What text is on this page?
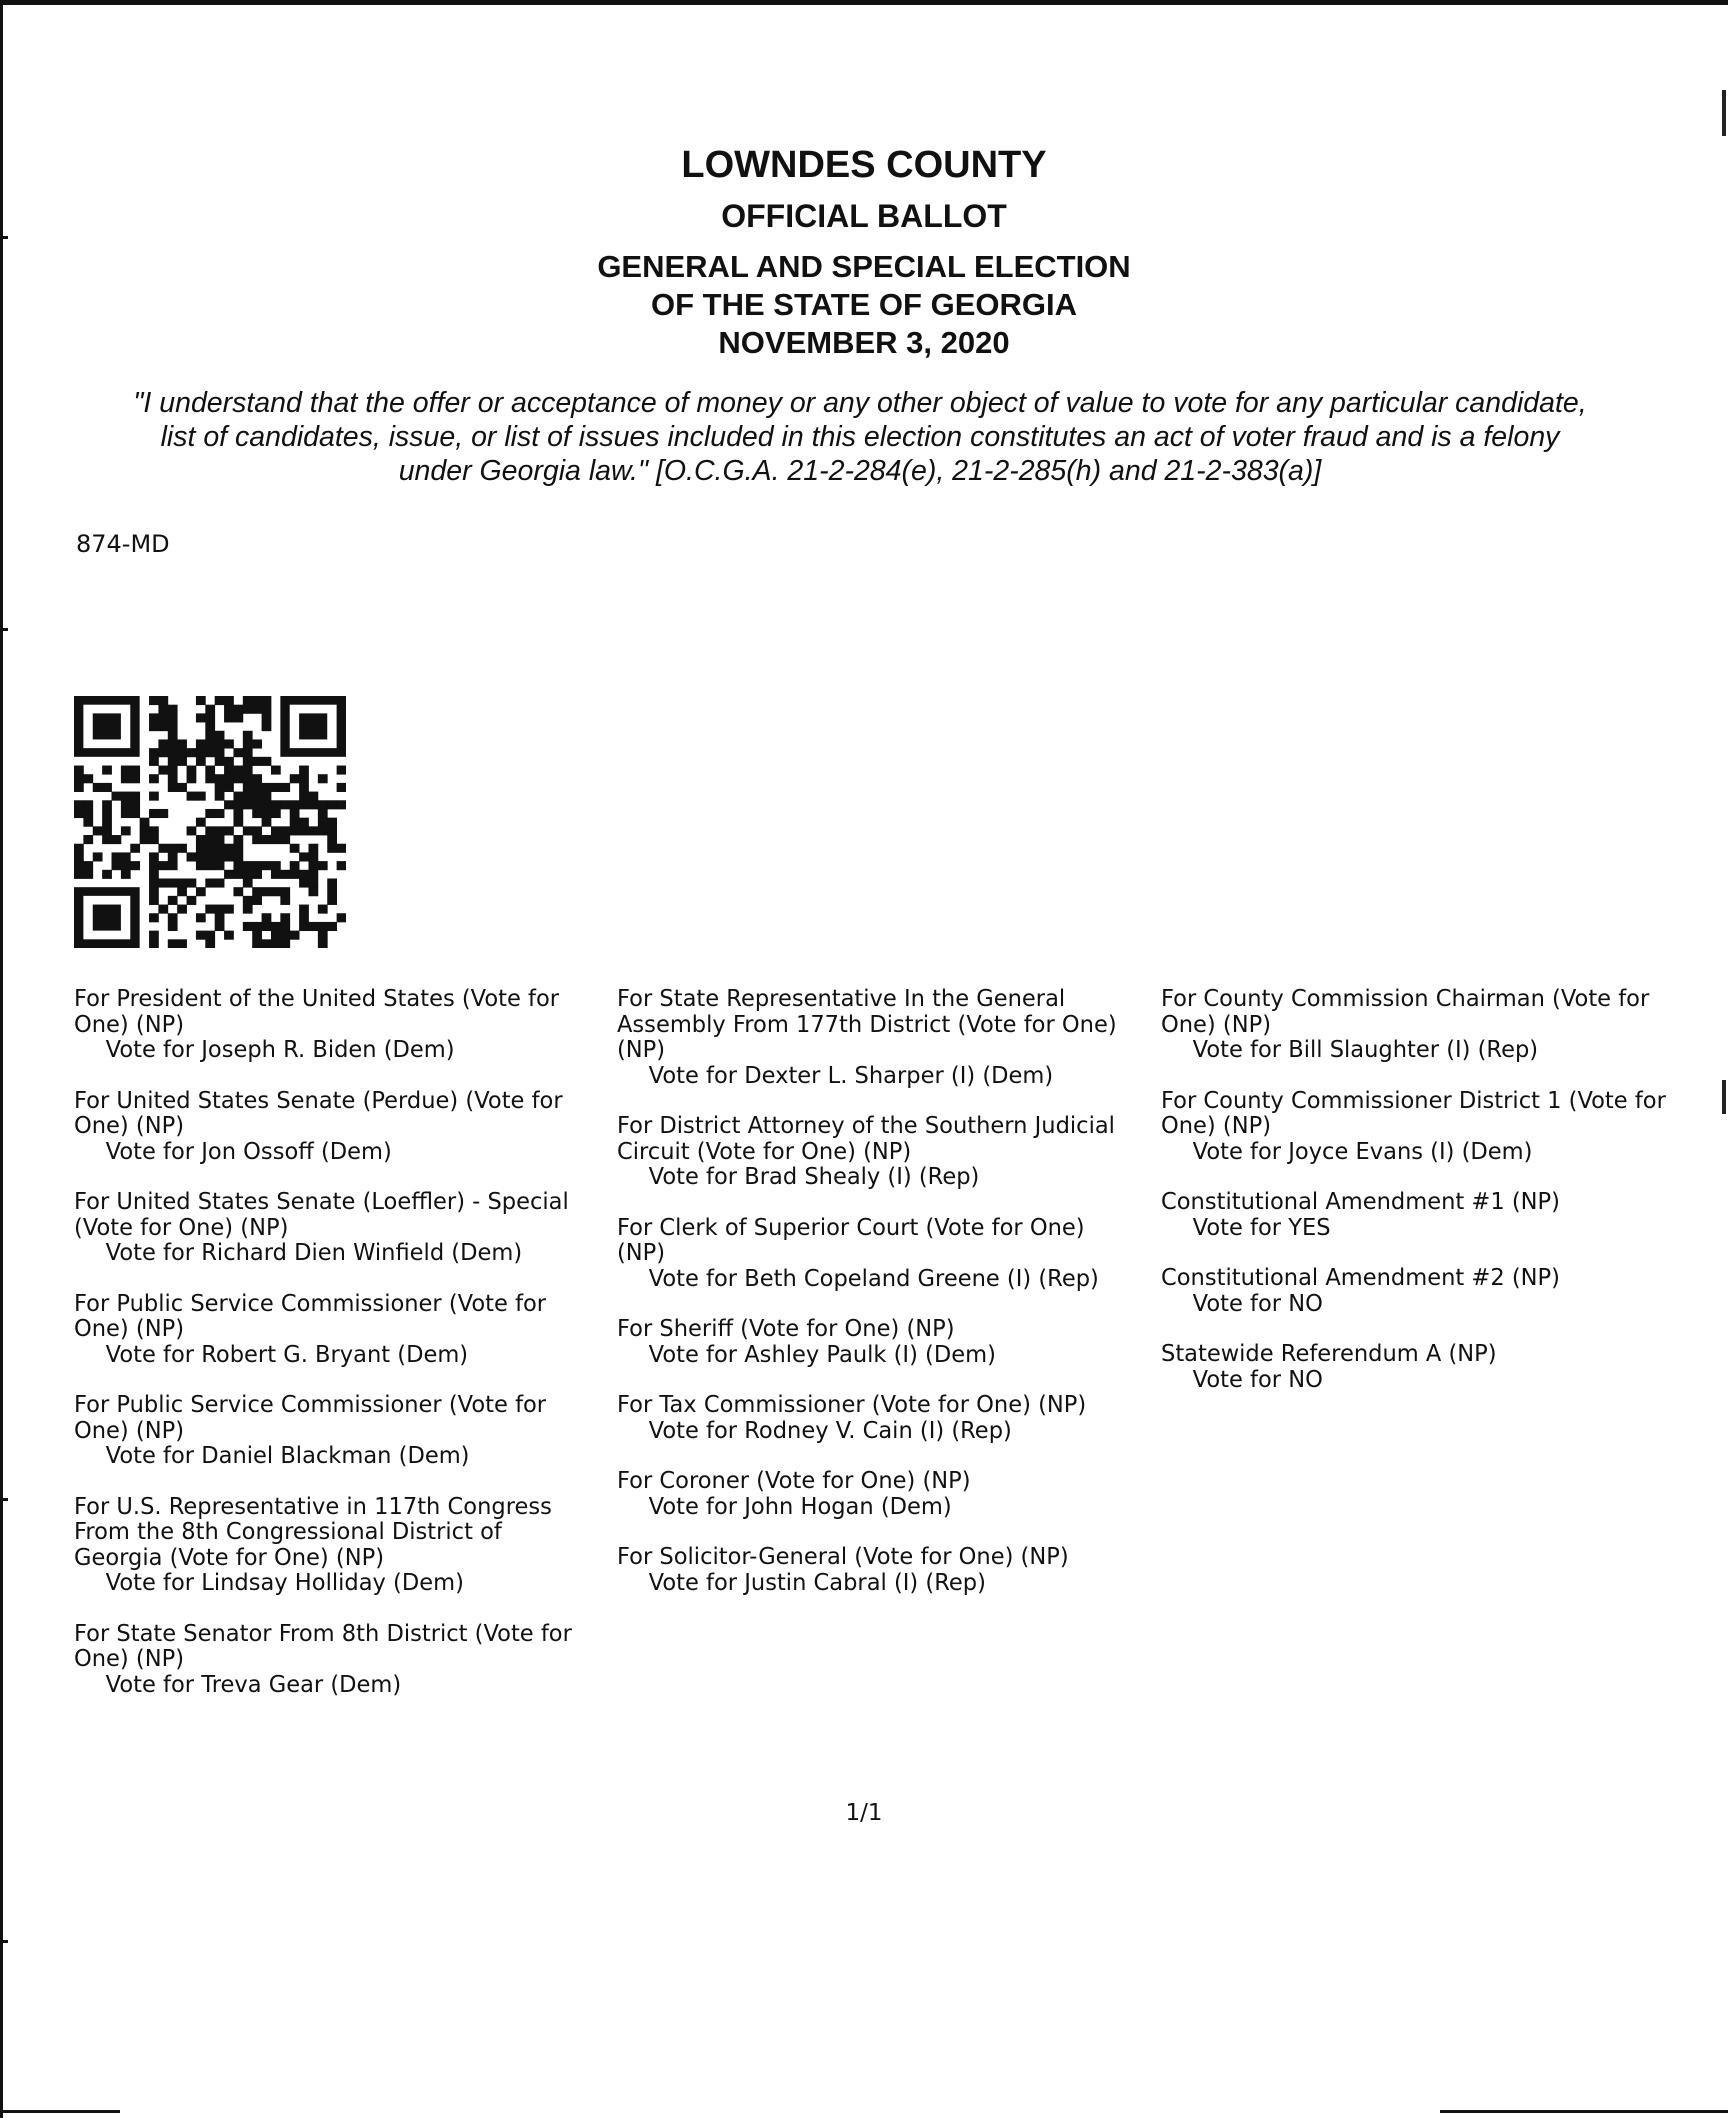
LOWNDES COUNTY
OFFICIAL BALLOT
GENERAL AND SPECIAL ELECTION
OF THE STATE OF GEORGIA
NOVEMBER 3, 2020
"I understand that the offer or acceptance of money or any other object of value to vote for any particular candidate,
list of candidates, issue, or list of issues included in this election constitutes an act of voter fraud and is a felony
under Georgia law." [O.C.G.A. 21-2-284(e), 21-2-285(h) and 21-2-383(a)]
874-MD
For President of the United States (Vote for One) (NP)
Vote for Joseph R. Biden (Dem)
For United States Senate (Perdue) (Vote for One) (NP)
Vote for Jon Ossoff (Dem)
For United States Senate (Loeffler) - Special (Vote for One) (NP)
Vote for Richard Dien Winfield (Dem)
For Public Service Commissioner (Vote for One) (NP)
Vote for Robert G. Bryant (Dem)
For Public Service Commissioner (Vote for One) (NP)
Vote for Daniel Blackman (Dem)
For U.S. Representative in 117th Congress From the 8th Congressional District of Georgia (Vote for One) (NP)
Vote for Lindsay Holliday (Dem)
For State Senator From 8th District (Vote for One) (NP)
Vote for Treva Gear (Dem)
For State Representative In the General Assembly From 177th District (Vote for One) (NP)
Vote for Dexter L. Sharper (I) (Dem)
For District Attorney of the Southern Judicial Circuit (Vote for One) (NP)
Vote for Brad Shealy (I) (Rep)
For Clerk of Superior Court (Vote for One) (NP)
Vote for Beth Copeland Greene (I) (Rep)
For Sheriff (Vote for One) (NP)
Vote for Ashley Paulk (I) (Dem)
For Tax Commissioner (Vote for One) (NP)
Vote for Rodney V. Cain (I) (Rep)
For Coroner (Vote for One) (NP)
Vote for John Hogan (Dem)
For Solicitor-General (Vote for One) (NP)
Vote for Justin Cabral (I) (Rep)
For County Commission Chairman (Vote for One) (NP)
Vote for Bill Slaughter (I) (Rep)
For County Commissioner District 1 (Vote for One) (NP)
Vote for Joyce Evans (I) (Dem)
Constitutional Amendment #1 (NP)
Vote for YES
Constitutional Amendment #2 (NP)
Vote for NO
Statewide Referendum A (NP)
Vote for NO
1/1
